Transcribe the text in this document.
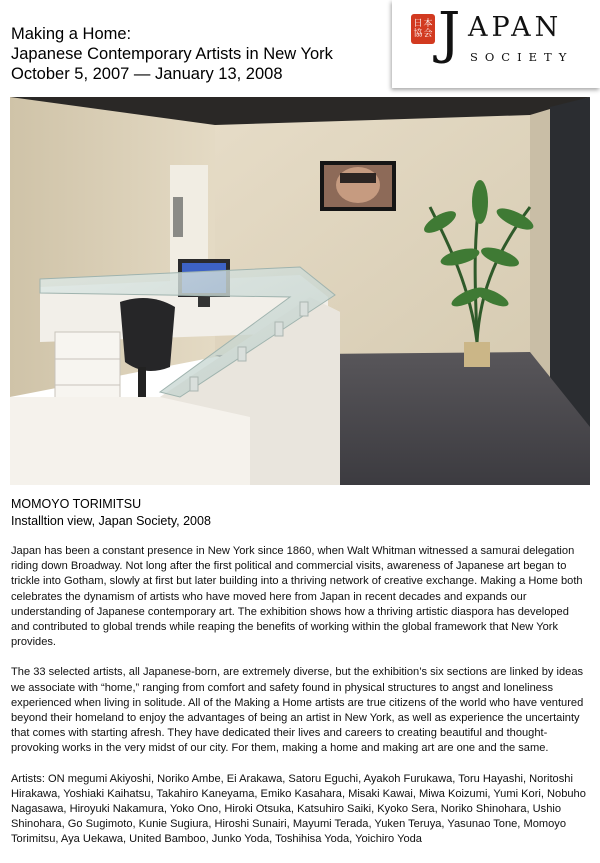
Making a Home:
Japanese Contemporary Artists in New York
October 5, 2007 — January 13, 2008
日 本
協 会 J APAN
SOCIETY
MOMOYO TORIMITSU
Installtion view, Japan Society, 2008

Japan has been a constant presence in New York since 1860, when Walt Whitman witnessed a samurai delegation riding down Broadway. Not long after the first political and commercial visits, awareness of Japanese art began to trickle into Gotham, slowly at first but later building into a thriving network of creative exchange. Making a Home both celebrates the dynamism of artists who have moved here from Japan in recent decades and expands our understanding of Japanese contemporary art. The exhibition shows how a thriving artistic diaspora has developed and contributed to global trends while reaping the benefits of working within the global framework that New York provides.

The 33 selected artists, all Japanese-born, are extremely diverse, but the exhibition’s six sections are linked by ideas we associate with “home,” ranging from comfort and safety found in physical structures to angst and loneliness experienced when living in solitude. All of the Making a Home artists are true citizens of the world who have ventured beyond their homeland to enjoy the advantages of being an artist in New York, as well as experience the uncertainty that comes with starting afresh. They have dedicated their lives and careers to creating beautiful and thought-provoking works in the very midst of our city. For them, making a home and making art are one and the same.

Artists: ON megumi Akiyoshi, Noriko Ambe, Ei Arakawa, Satoru Eguchi, Ayakoh Furukawa, Toru Hayashi, Noritoshi Hirakawa, Yoshiaki Kaihatsu, Takahiro Kaneyama, Emiko Kasahara, Misaki Kawai, Miwa Koizumi, Yumi Kori, Nobuho Nagasawa, Hiroyuki Nakamura, Yoko Ono, Hiroki Otsuka, Katsuhiro Saiki, Kyoko Sera, Noriko Shinohara, Ushio Shinohara, Go Sugimoto, Kunie Sugiura, Hiroshi Sunairi, Mayumi Terada, Yuken Teruya, Yasunao Tone, Momoyo Torimitsu, Aya Uekawa, United Bamboo, Junko Yoda, Toshihisa Yoda, Yoichiro Yoda
